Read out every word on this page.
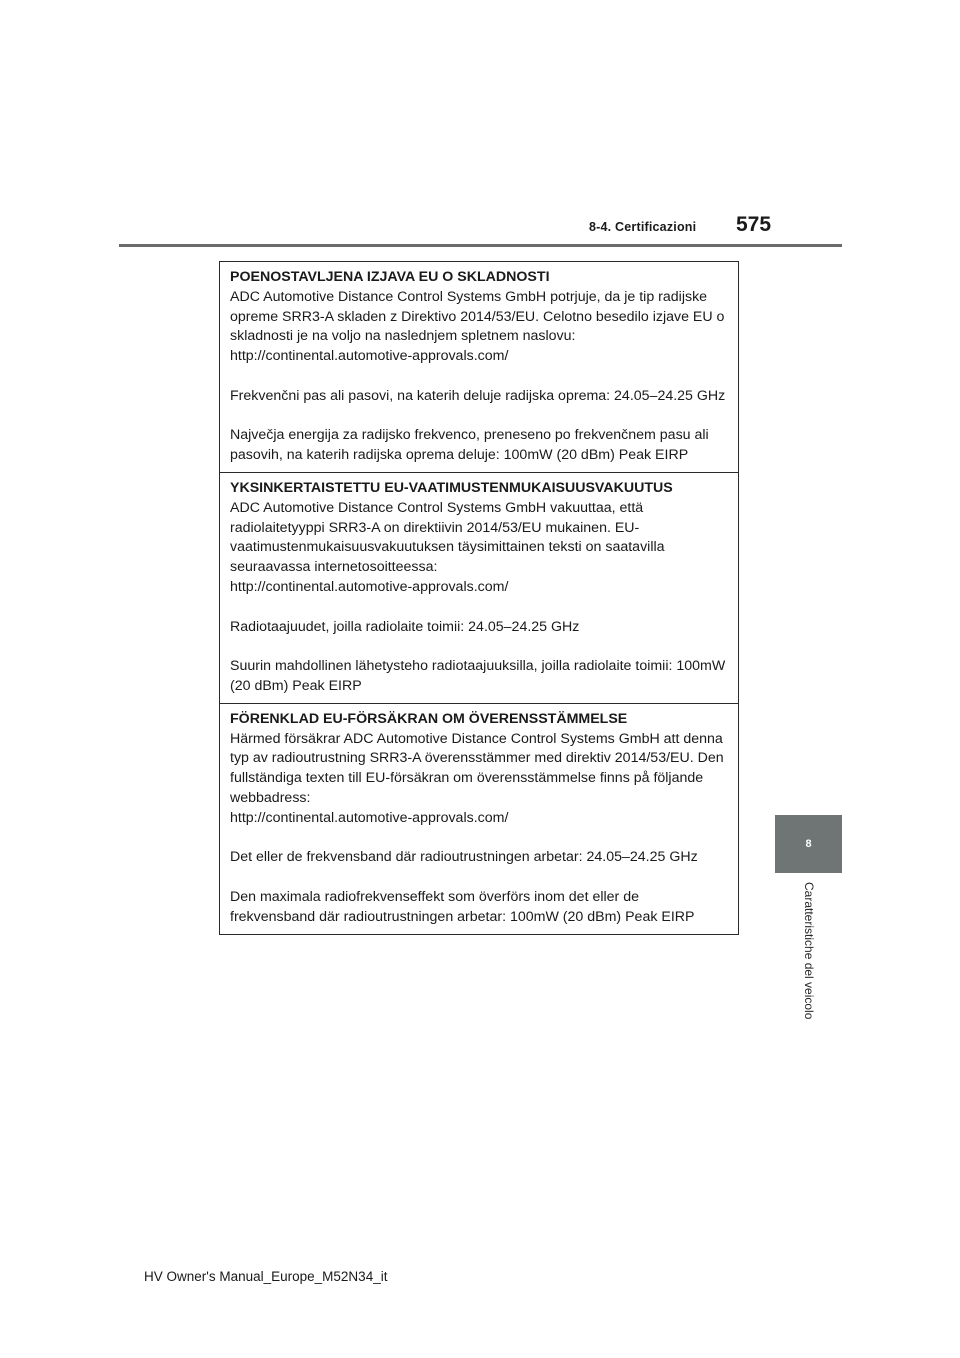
8-4. Certificazioni 575
8
Caratteristiche del veicolo

POENOSTAVLJENA IZJAVA EU O SKLADNOSTI

ADC Automotive Distance Control Systems GmbH potrjuje, da je tip radijske opreme SRR3-A skladen z Direktivo 2014/53/EU. Celotno besedilo izjave EU o skladnosti je na voljo na naslednjem spletnem naslovu:
http://continental.automotive-approvals.com/

Frekvenčni pas ali pasovi, na katerih deluje radijska oprema: 24.05–24.25 GHz

Največja energija za radijsko frekvenco, preneseno po frekvenčnem pasu ali pasovih, na katerih radijska oprema deluje: 100mW (20 dBm) Peak EIRP

YKSINKERTAISTETTU EU-VAATIMUSTENMUKAISUUSVAKUUTUS

ADC Automotive Distance Control Systems GmbH vakuuttaa, että radiolaitetyyppi SRR3-A on direktiivin 2014/53/EU mukainen. EU-vaatimustenmukaisuusvakuutuksen täysimittainen teksti on saatavilla seuraavassa internetosoitteessa:
http://continental.automotive-approvals.com/

Radiotaajuudet, joilla radiolaite toimii: 24.05–24.25 GHz

Suurin mahdollinen lähetysteho radiotaajuuksilla, joilla radiolaite toimii: 100mW (20 dBm) Peak EIRP

FÖRENKLAD EU-FÖRSÄKRAN OM ÖVERENSSTÄMMELSE

Härmed försäkrar ADC Automotive Distance Control Systems GmbH att denna typ av radioutrustning SRR3-A överensstämmer med direktiv 2014/53/EU. Den fullständiga texten till EU-försäkran om överensstämmelse finns på följande webbadress:
http://continental.automotive-approvals.com/

Det eller de frekvensband där radioutrustningen arbetar: 24.05–24.25 GHz

Den maximala radiofrekvenseffekt som överförs inom det eller de frekvensband där radioutrustningen arbetar: 100mW (20 dBm) Peak EIRP

HV Owner's Manual_Europe_M52N34_it
